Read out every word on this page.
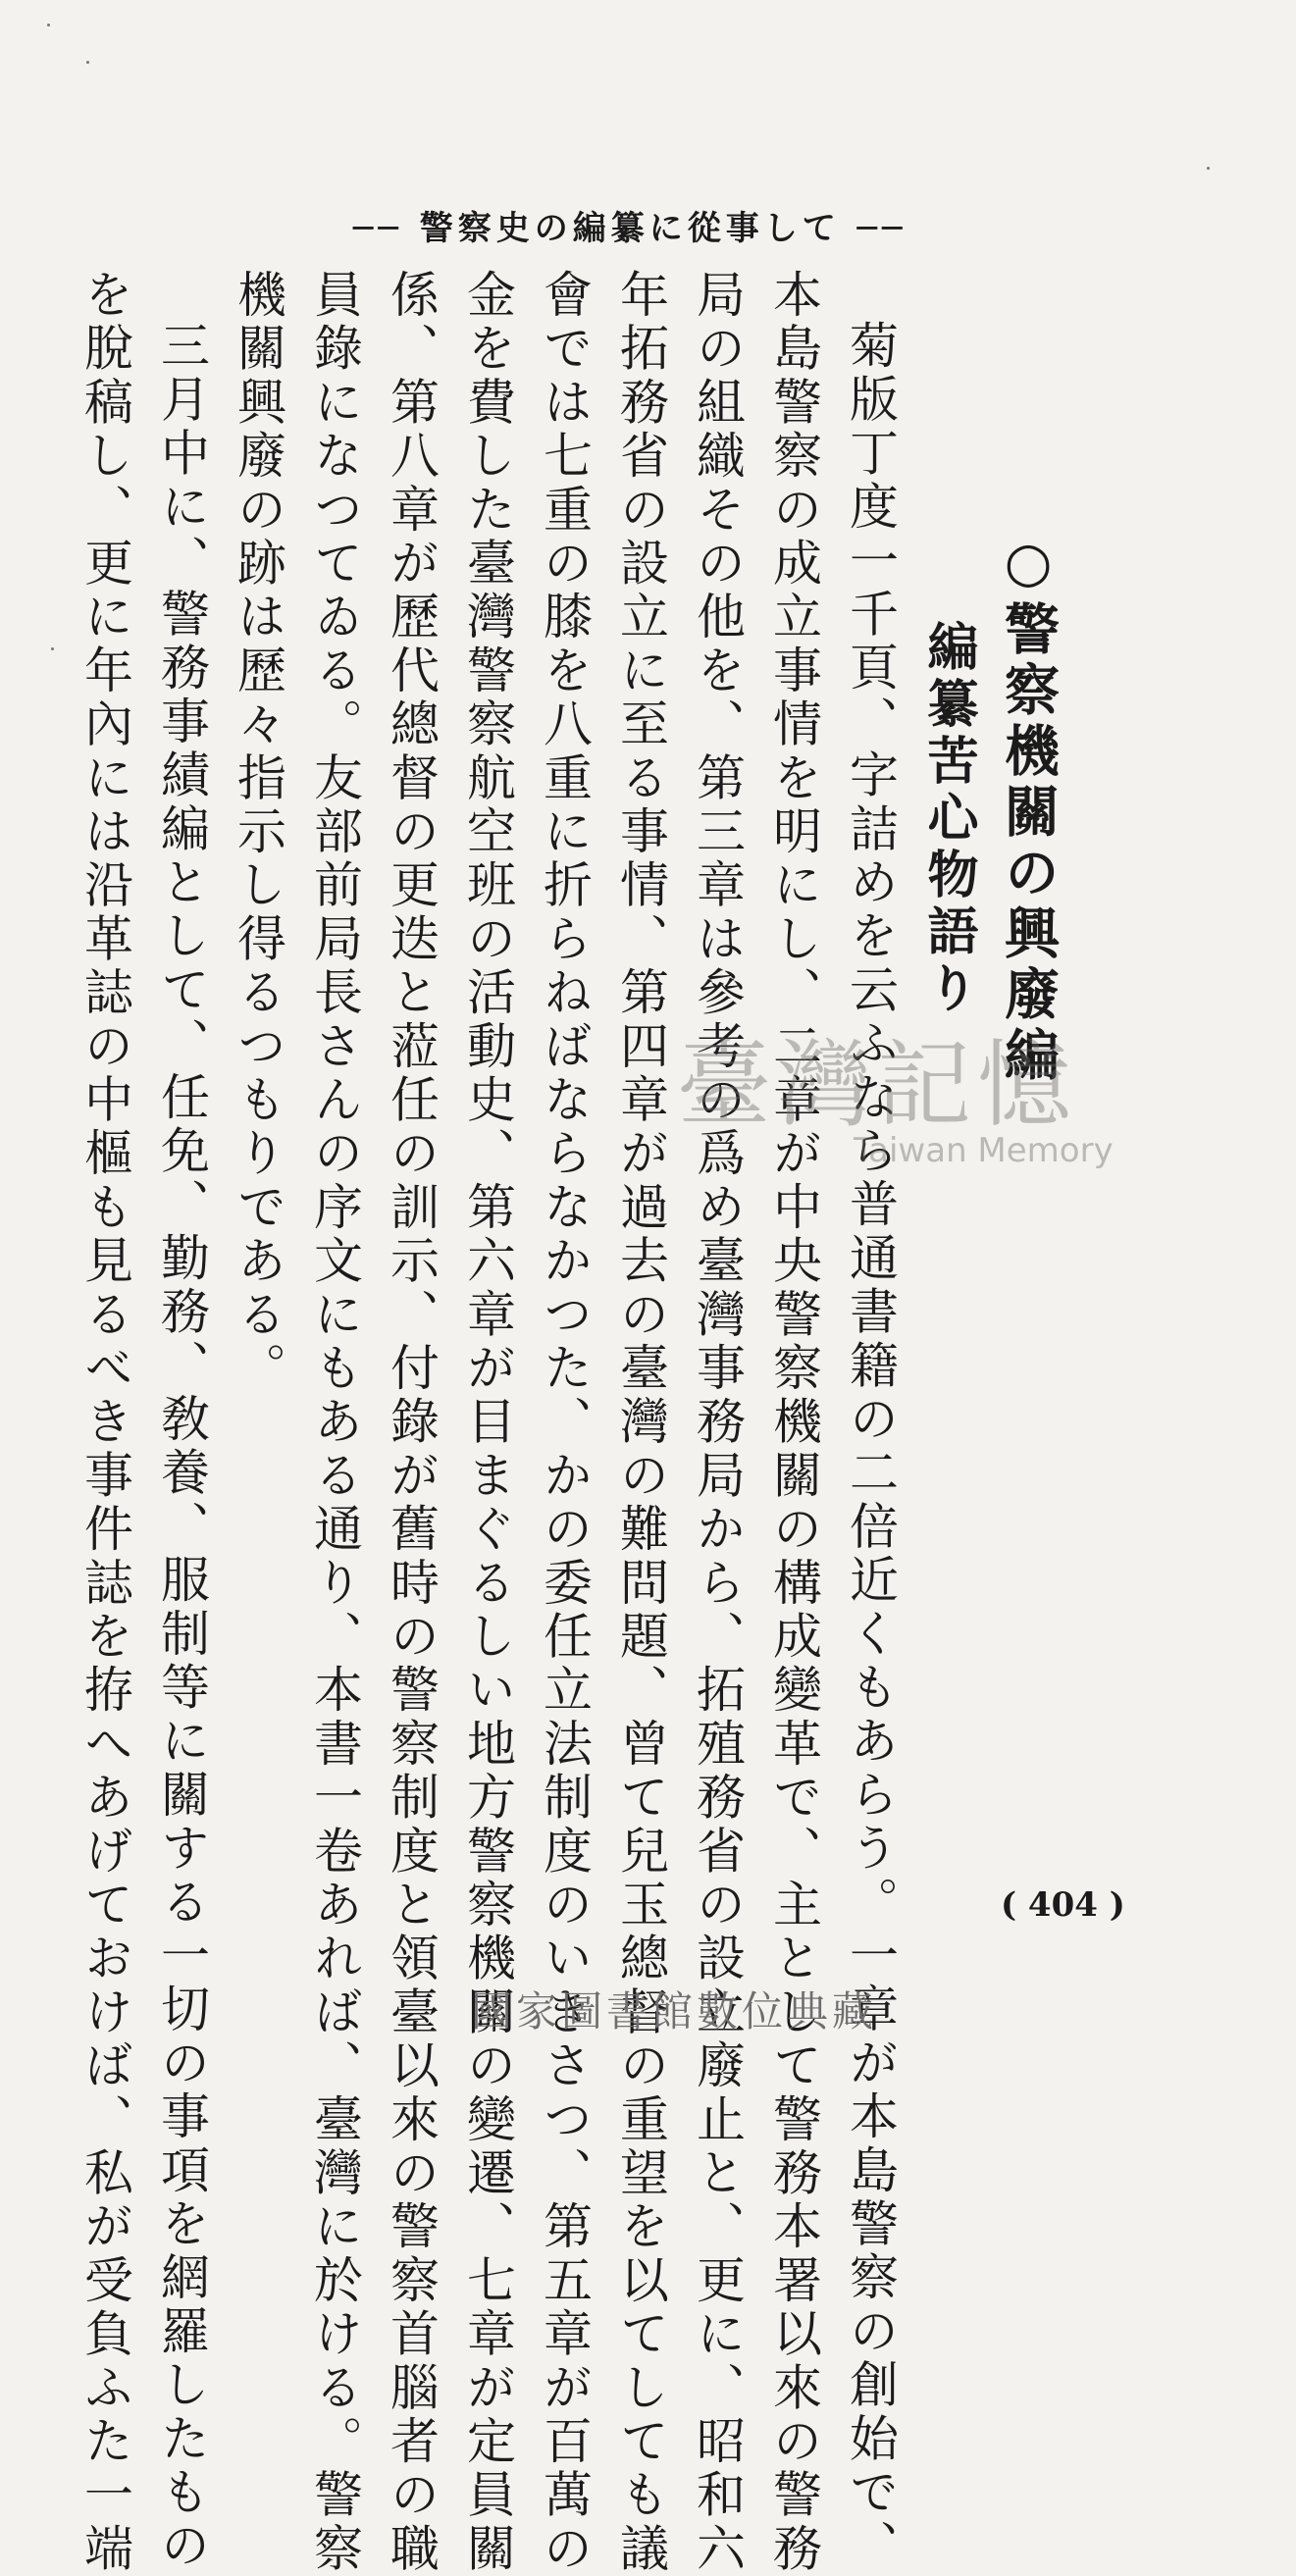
── 警察史の編纂に從事して ──
○警察機關の興廢編
編纂苦心物語り
菊版丁度一千頁、字詰めを云ふなら普通書籍の二倍近くもあらう。一章が本島警察の創始で、
本島警察の成立事情を明にし、二章が中央警察機關の構成變革で、主として警務本署以來の警務
局の組織その他を、第三章は參考の爲め臺灣事務局から、拓殖務省の設立廢止と、更に、昭和六
年拓務省の設立に至る事情、第四章が過去の臺灣の難問題、曾て兒玉總督の重望を以てしても議
會では七重の膝を八重に折らねばならなかつた、かの委任立法制度のいきさつ、第五章が百萬の
金を費した臺灣警察航空班の活動史、第六章が目まぐるしい地方警察機關の變遷、七章が定員關
係、第八章が歷代總督の更迭と蒞任の訓示、付錄が舊時の警察制度と領臺以來の警察首腦者の職
員錄になつてゐる。友部前局長さんの序文にもある通り、本書一卷あれば、臺灣に於ける。警察
機關興廢の跡は歷々指示し得るつもりである。
三月中に、警務事績編として、任免、勤務、敎養、服制等に關する一切の事項を網羅したもの
を脫稿し、更に年內には沿革誌の中樞も見るべき事件誌を拵へあげておけば、私が受負ふた一端	臺灣記憶
Taiwan Memory
( 404 )
國家圖書館數位典藏
